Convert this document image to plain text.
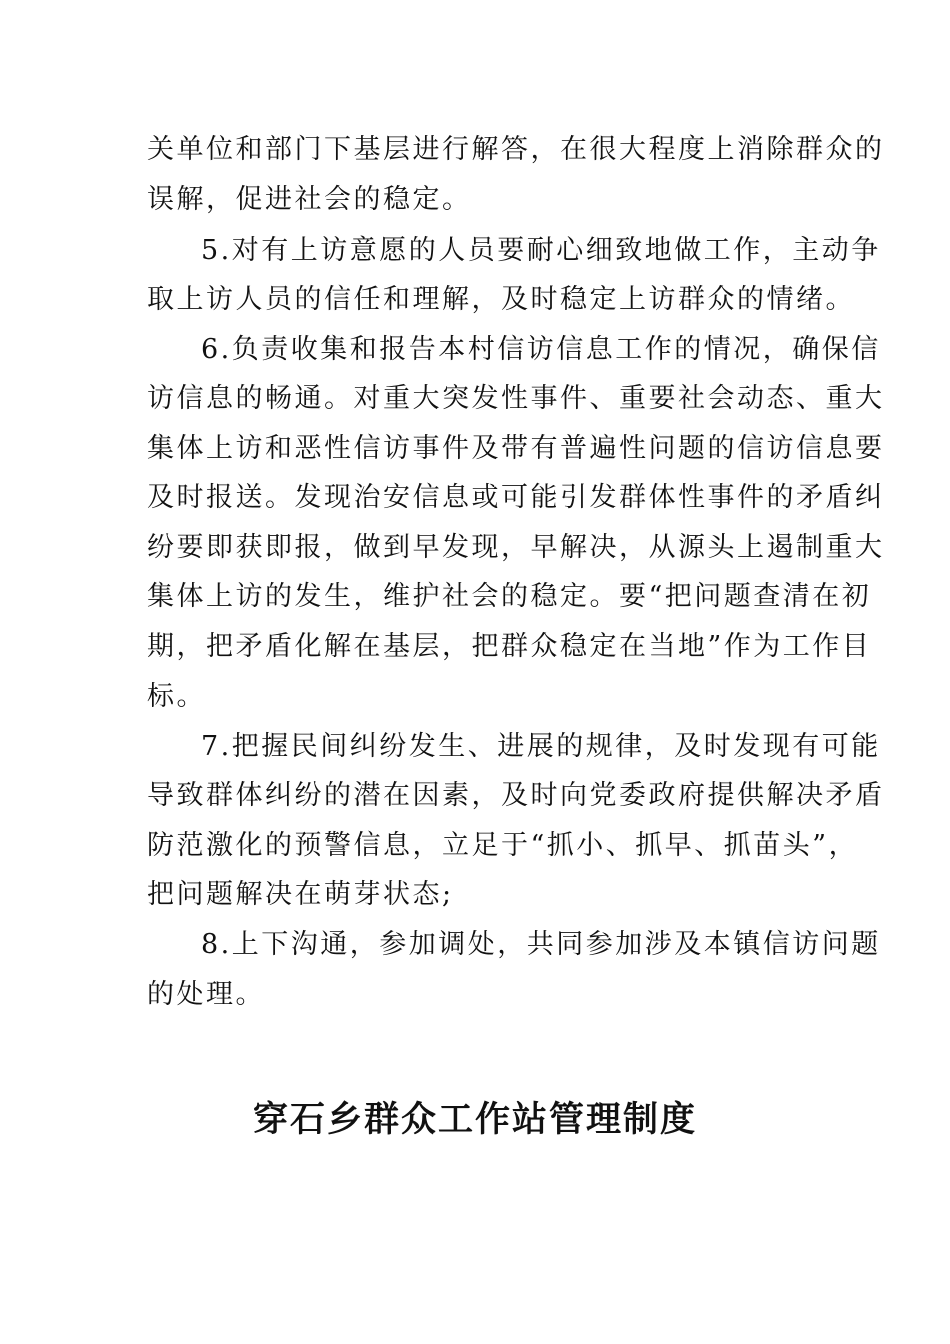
关单位和部门下基层进行解答，在很大程度上消除群众的
误解，促进社会的稳定。
5.对有上访意愿的人员要耐心细致地做工作，主动争
取上访人员的信任和理解，及时稳定上访群众的情绪。
6.负责收集和报告本村信访信息工作的情况，确保信
访信息的畅通。对重大突发性事件、重要社会动态、重大
集体上访和恶性信访事件及带有普遍性问题的信访信息要
及时报送。发现治安信息或可能引发群体性事件的矛盾纠
纷要即获即报，做到早发现，早解决，从源头上遏制重大
集体上访的发生，维护社会的稳定。要“把问题查清在初
期，把矛盾化解在基层，把群众稳定在当地”作为工作目
标。
7.把握民间纠纷发生、进展的规律，及时发现有可能
导致群体纠纷的潜在因素，及时向党委政府提供解决矛盾
防范激化的预警信息，立足于“抓小、抓早、抓苗头”，
把问题解决在萌芽状态;
8.上下沟通，参加调处，共同参加涉及本镇信访问题
的处理。
穿石乡群众工作站管理制度
